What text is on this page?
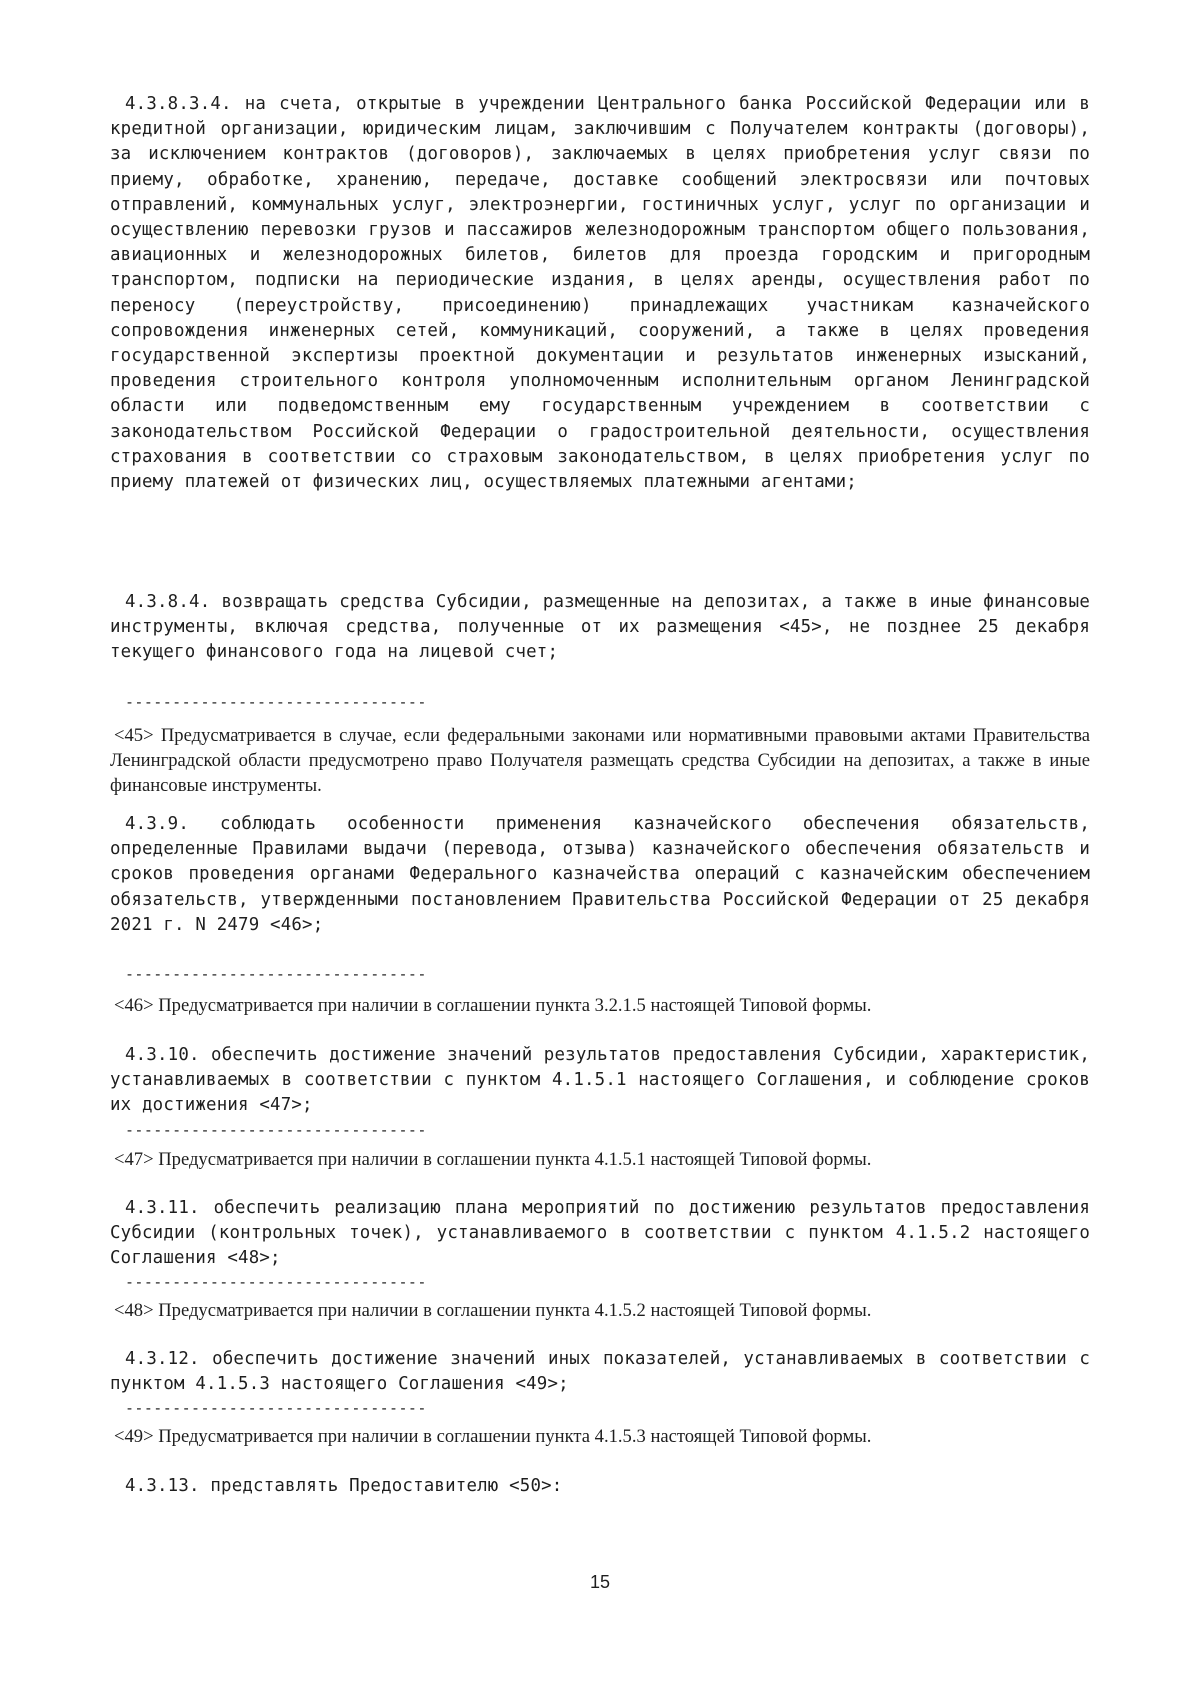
4.3.8.3.4. на счета, открытые в учреждении Центрального банка Российской Федерации или в кредитной организации, юридическим лицам, заключившим с Получателем контракты (договоры), за исключением контрактов (договоров), заключаемых в целях приобретения услуг связи по приему, обработке, хранению, передаче, доставке сообщений электросвязи или почтовых отправлений, коммунальных услуг, электроэнергии, гостиничных услуг, услуг по организации и осуществлению перевозки грузов и пассажиров железнодорожным транспортом общего пользования, авиационных и железнодорожных билетов, билетов для проезда городским и пригородным транспортом, подписки на периодические издания, в целях аренды, осуществления работ по переносу (переустройству, присоединению) принадлежащих участникам казначейского сопровождения инженерных сетей, коммуникаций, сооружений, а также в целях проведения государственной экспертизы проектной документации и результатов инженерных изысканий, проведения строительного контроля уполномоченным исполнительным органом Ленинградской области или подведомственным ему государственным учреждением в соответствии с законодательством Российской Федерации о градостроительной деятельности, осуществления страхования в соответствии со страховым законодательством, в целях приобретения услуг по приему платежей от физических лиц, осуществляемых платежными агентами;

4.3.8.4. возвращать средства Субсидии, размещенные на депозитах, а также в иные финансовые инструменты, включая средства, полученные от их размещения <45>, не позднее 25 декабря текущего финансового года на лицевой счет;

--------------------------------

<45> Предусматривается в случае, если федеральными законами или нормативными правовыми актами Правительства Ленинградской области предусмотрено право Получателя размещать средства Субсидии на депозитах, а также в иные финансовые инструменты.

4.3.9. соблюдать особенности применения казначейского обеспечения обязательств, определенные Правилами выдачи (перевода, отзыва) казначейского обеспечения обязательств и сроков проведения органами Федерального казначейства операций с казначейским обеспечением обязательств, утвержденными постановлением Правительства Российской Федерации от 25 декабря 2021 г. N 2479 <46>;

--------------------------------

<46> Предусматривается при наличии в соглашении пункта 3.2.1.5 настоящей Типовой формы.

4.3.10. обеспечить достижение значений результатов предоставления Субсидии, характеристик, устанавливаемых в соответствии с пунктом 4.1.5.1 настоящего Соглашения, и соблюдение сроков их достижения <47>;

--------------------------------

<47> Предусматривается при наличии в соглашении пункта 4.1.5.1 настоящей Типовой формы.

4.3.11. обеспечить реализацию плана мероприятий по достижению результатов предоставления Субсидии (контрольных точек), устанавливаемого в соответствии с пунктом 4.1.5.2 настоящего Соглашения <48>;

--------------------------------

<48> Предусматривается при наличии в соглашении пункта 4.1.5.2 настоящей Типовой формы.

4.3.12. обеспечить достижение значений иных показателей, устанавливаемых в соответствии с пунктом 4.1.5.3 настоящего Соглашения <49>;

--------------------------------

<49> Предусматривается при наличии в соглашении пункта 4.1.5.3 настоящей Типовой формы.

4.3.13. представлять Предоставителю <50>:

15
